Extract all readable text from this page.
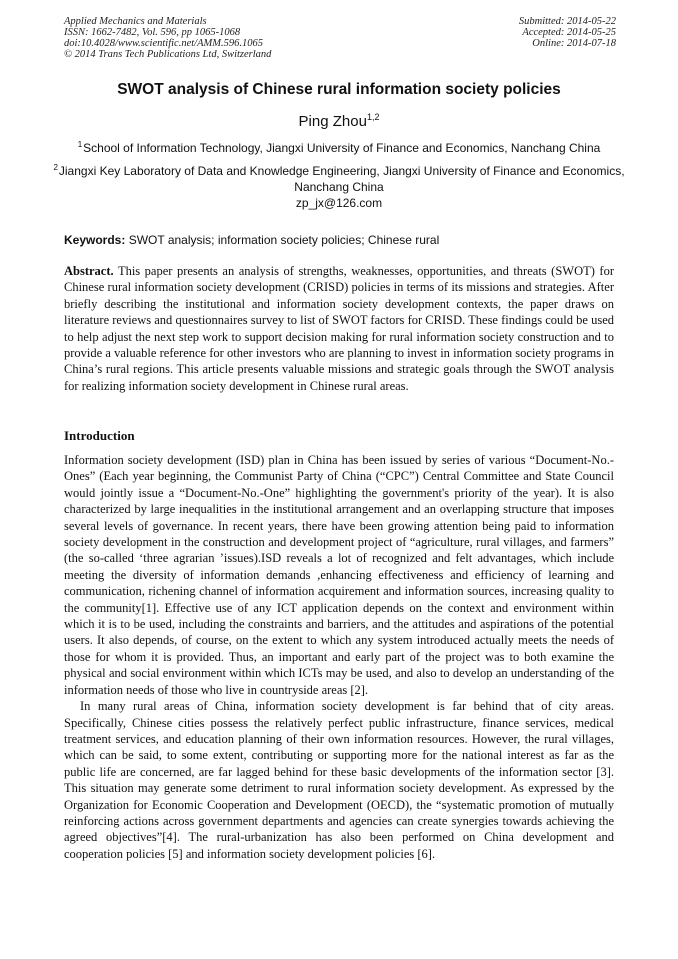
Applied Mechanics and Materials
ISSN: 1662-7482, Vol. 596, pp 1065-1068
doi:10.4028/www.scientific.net/AMM.596.1065
© 2014 Trans Tech Publications Ltd, Switzerland
Submitted: 2014-05-22
Accepted: 2014-05-25
Online: 2014-07-18
SWOT analysis of Chinese rural information society policies
Ping Zhou$^{1,2}$
$^1$School of Information Technology, Jiangxi University of Finance and Economics, Nanchang China
$^2$Jiangxi Key Laboratory of Data and Knowledge Engineering, Jiangxi University of Finance and Economics, Nanchang China
zp_jx@126.com
Keywords: SWOT analysis; information society policies; Chinese rural

Abstract. This paper presents an analysis of strengths, weaknesses, opportunities, and threats (SWOT) for Chinese rural information society development (CRISD) policies in terms of its missions and strategies. After briefly describing the institutional and information society development contexts, the paper draws on literature reviews and questionnaires survey to list of SWOT factors for CRISD. These findings could be used to help adjust the next step work to support decision making for rural information society construction and to provide a valuable reference for other investors who are planning to invest in information society programs in China’s rural regions. This article presents valuable missions and strategic goals through the SWOT analysis for realizing information society development in Chinese rural areas.

Introduction

Information society development (ISD) plan in China has been issued by series of various “Document-No.-Ones” (Each year beginning, the Communist Party of China (“CPC”) Central Committee and State Council would jointly issue a “Document-No.-One” highlighting the government's priority of the year). It is also characterized by large inequalities in the institutional arrangement and an overlapping structure that imposes several levels of governance. In recent years, there have been growing attention being paid to information society development in the construction and development project of “agriculture, rural villages, and farmers” (the so-called ‘three agrarian ’issues).ISD reveals a lot of recognized and felt advantages, which include meeting the diversity of information demands ,enhancing effectiveness and efficiency of learning and communication, richening channel of information acquirement and information sources, increasing quality to the community[1]. Effective use of any ICT application depends on the context and environment within which it is to be used, including the constraints and barriers, and the attitudes and aspirations of the potential users. It also depends, of course, on the extent to which any system introduced actually meets the needs of those for whom it is provided. Thus, an important and early part of the project was to both examine the physical and social environment within which ICTs may be used, and also to develop an understanding of the information needs of those who live in countryside areas [2].

In many rural areas of China, information society development is far behind that of city areas. Specifically, Chinese cities possess the relatively perfect public infrastructure, finance services, medical treatment services, and education planning of their own information resources. However, the rural villages, which can be said, to some extent, contributing or supporting more for the national interest as far as the public life are concerned, are far lagged behind for these basic developments of the information sector [3]. This situation may generate some detriment to rural information society development. As expressed by the Organization for Economic Cooperation and Development (OECD), the “systematic promotion of mutually reinforcing actions across government departments and agencies can create synergies towards achieving the agreed objectives”[4]. The rural-urbanization has also been performed on China development and cooperation policies [5] and information society development policies [6].
